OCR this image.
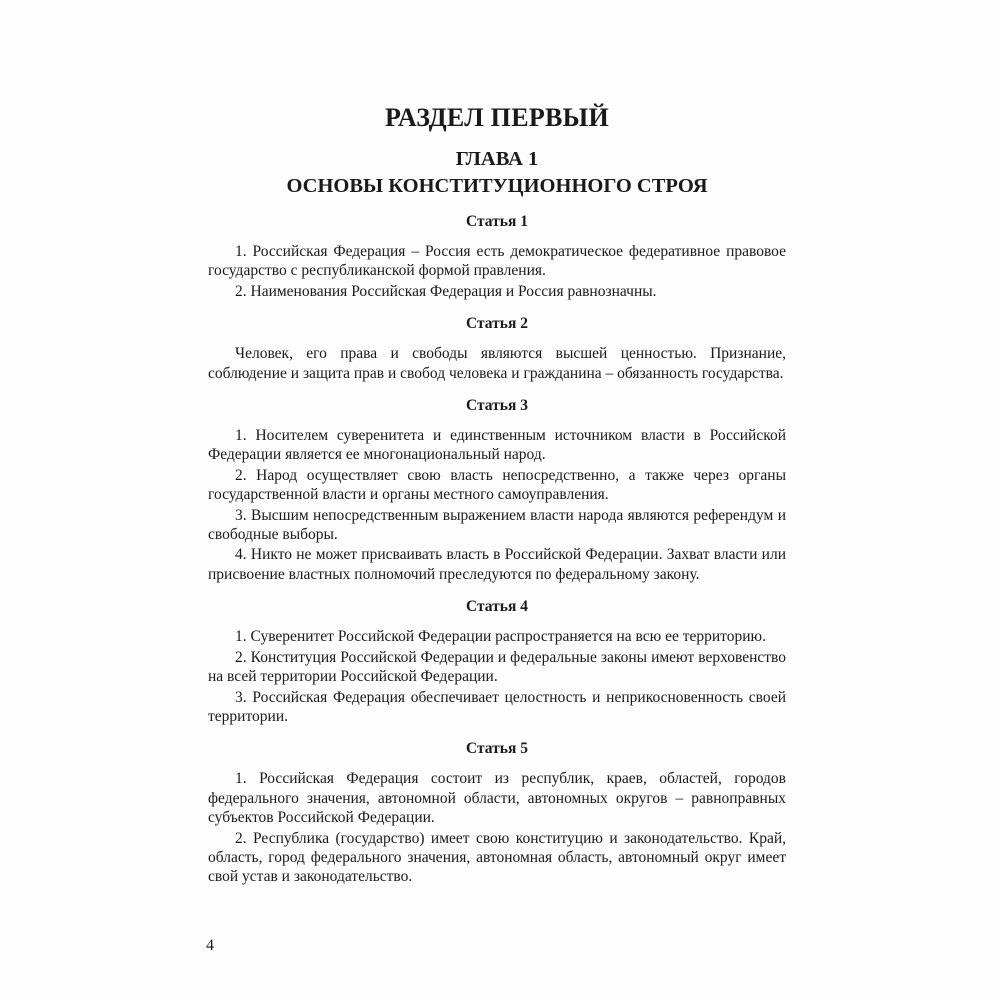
РАЗДЕЛ ПЕРВЫЙ
ГЛАВА 1
ОСНОВЫ КОНСТИТУЦИОННОГО СТРОЯ
Статья 1

1. Российская Федерация – Россия есть демократическое федеративное правовое государство с республиканской формой правления.

2. Наименования Российская Федерация и Россия равнозначны.

Статья 2

Человек, его права и свободы являются высшей ценностью. Признание, соблюдение и защита прав и свобод человека и гражданина – обязанность государства.

Статья 3

1. Носителем суверенитета и единственным источником власти в Российской Федерации является ее многонациональный народ.

2. Народ осуществляет свою власть непосредственно, а также через органы государственной власти и органы местного самоуправления.

3. Высшим непосредственным выражением власти народа являются референдум и свободные выборы.

4. Никто не может присваивать власть в Российской Федерации. Захват власти или присвоение властных полномочий преследуются по федеральному закону.

Статья 4

1. Суверенитет Российской Федерации распространяется на всю ее территорию.

2. Конституция Российской Федерации и федеральные законы имеют верховенство на всей территории Российской Федерации.

3. Российская Федерация обеспечивает целостность и неприкосновенность своей территории.

Статья 5

1. Российская Федерация состоит из республик, краев, областей, городов федерального значения, автономной области, автономных округов – равноправных субъектов Российской Федерации.

2. Республика (государство) имеет свою конституцию и законодательство. Край, область, город федерального значения, автономная область, автономный округ имеет свой устав и законодательство.

4
